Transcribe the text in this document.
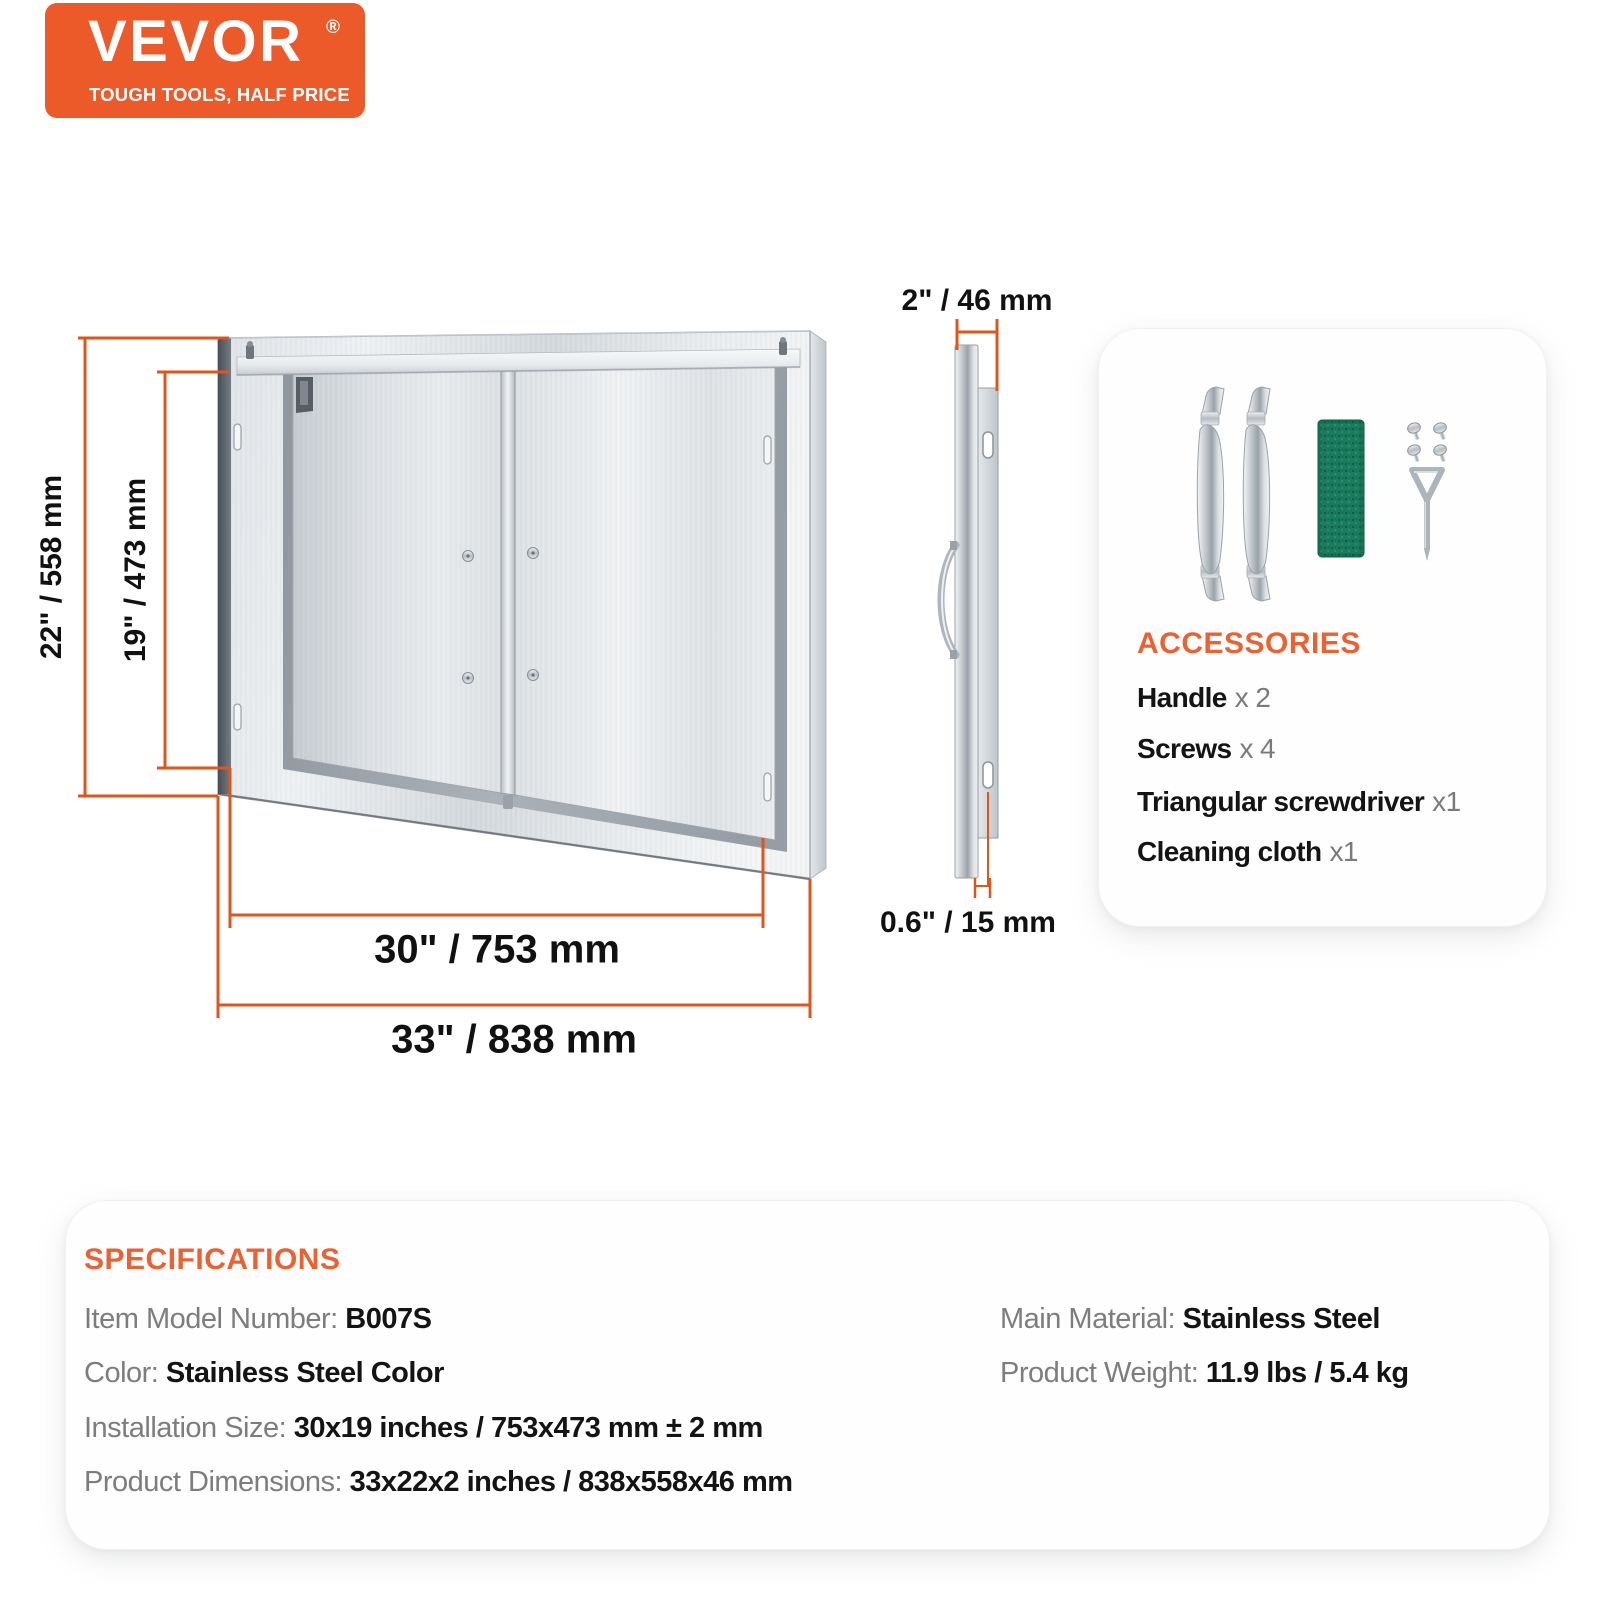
VEVOR ®
TOUGH TOOLS, HALF PRICE
22" / 558 mm 19" / 473 mm
30" / 753 mm
33" / 838 mm
2" / 46 mm
0.6" / 15 mm
ACCESSORIES
Handle x 2
Screws x 4
Triangular screwdriver x1
Cleaning cloth x1
SPECIFICATIONS
Item Model Number: B007S
Color: Stainless Steel Color
Installation Size: 30x19 inches / 753x473 mm ± 2 mm
Product Dimensions: 33x22x2 inches / 838x558x46 mm
Main Material: Stainless Steel
Product Weight: 11.9 lbs / 5.4 kg
